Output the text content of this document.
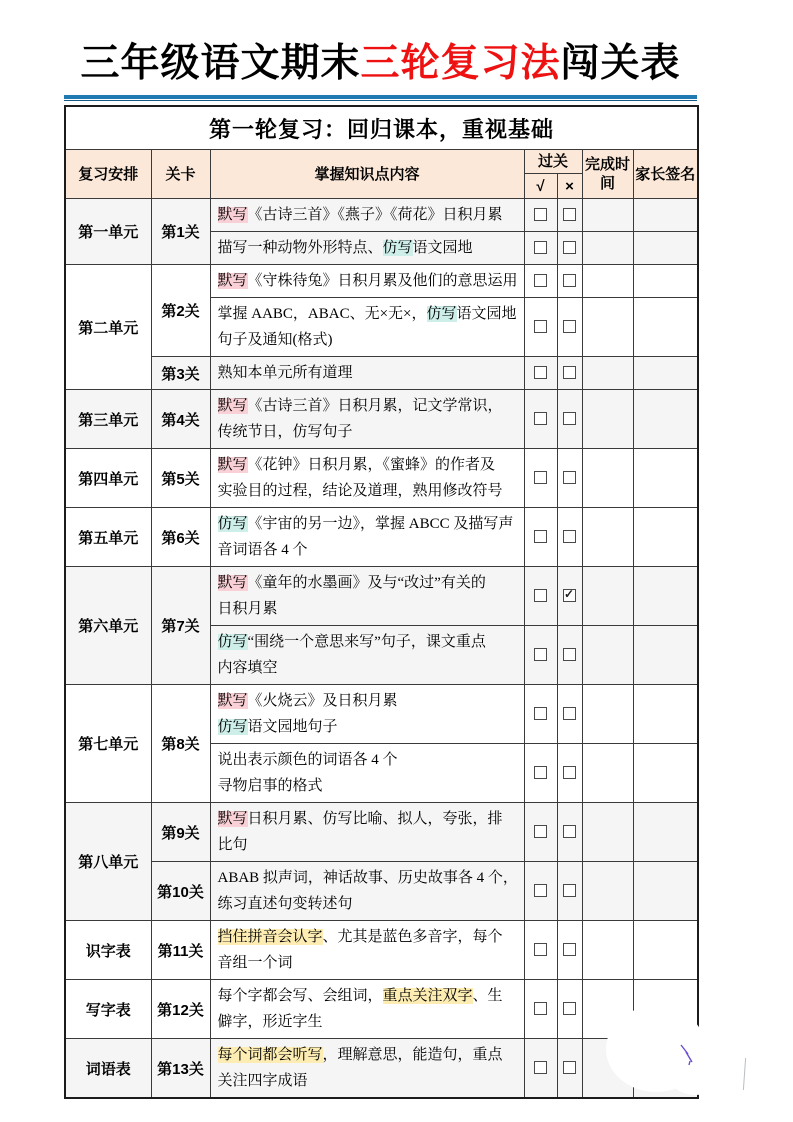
三年级语文期末三轮复习法闯关表
第一轮复习：回归课本，重视基础						
复习安排	关卡	掌握知识点内容	过关		完成时间	家长签名
			√	×		
第一单元	第1关	默写《古诗三首》《燕子》《荷花》日积月累				

		描写一种动物外形特点、仿写语文园地				

第二单元	第2关	默写《守株待兔》日积月累及他们的意思运用				

		掌握 AABC，ABAC、无×无×，仿写语文园地
句子及通知(格式)				

	第3关	熟知本单元所有道理				

第三单元	第4关	默写《古诗三首》日积月累，记文学常识，
传统节日，仿写句子				

第四单元	第5关	默写《花钟》日积月累，《蜜蜂》的作者及
实验目的过程，结论及道理，熟用修改符号				

第五单元	第6关	仿写《宇宙的另一边》，掌握 ABCC 及描写声
音词语各 4 个				

第六单元	第7关	默写《童年的水墨画》及与“改过”有关的
日积月累		✓		

		仿写“围绕一个意思来写”句子，课文重点
内容填空				

第七单元	第8关	默写《火烧云》及日积月累
仿写语文园地句子				

		说出表示颜色的词语各 4 个
寻物启事的格式				

第八单元	第9关	默写日积月累、仿写比喻、拟人，夸张，排
比句				

	第10关	ABAB 拟声词，神话故事、历史故事各 4 个，
练习直述句变转述句				

识字表	第11关	挡住拼音会认字、尤其是蓝色多音字，每个
音组一个词				

写字表	第12关	每个字都会写、会组词，重点关注双字、生
僻字，形近字生				

词语表	第13关	每个词都会听写，理解意思，能造句，重点
关注四字成语				
